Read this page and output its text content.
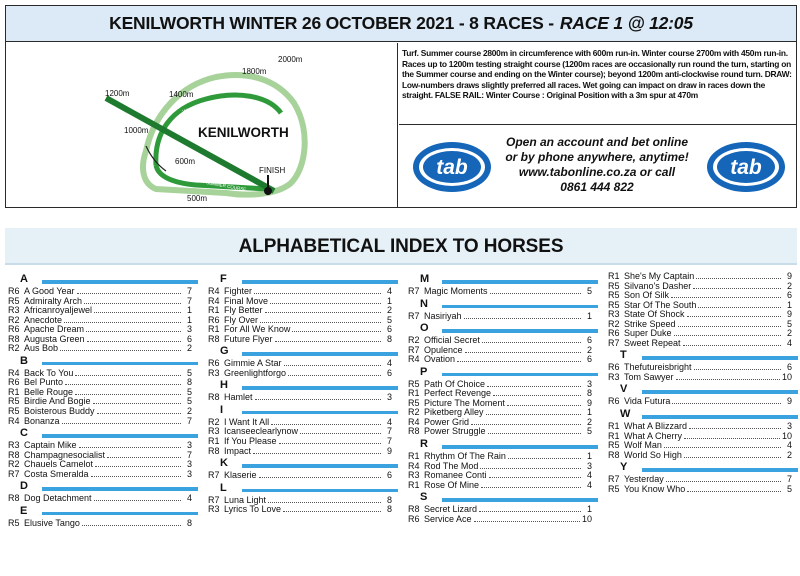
KENILWORTH WINTER 26 OCTOBER 2021 - 8 RACES - RACE 1 @ 12:05
KENILWORTH
FINISH
WINTER COURSE
SUMMER COURSE
2000m
1800m
1400m
1200m
1000m
600m
500m
Turf. Summer course 2800m in circumference with 600m run-in. Winter course 2700m with 450m run-in. Races up to 1200m testing straight course (1200m races are occasionally run round the turn, starting on the Summer course and ending on the Winter course); beyond 1200m anti-clockwise round turn. DRAW: Low-numbers draws slightly preferred all races. Wet going can impact on draw in races down the straight. FALSE RAIL: Winter Course : Original Position with a 3m spur at 470m
tab
Open an account and bet online
or by phone anywhere, anytime!
www.tabonline.co.za or call
0861 444 822
tab
ALPHABETICAL INDEX TO HORSES
A
R6 A Good Year	7
R5 Admiralty Arch	7
R3 Africanroyaljewel	1
R2 Anecdote	1
R6 Apache Dream	3
R8 Augusta Green	6
R2 Aus Bob	2
B
R4 Back To You	5
R6 Bel Punto	8
R1 Belle Rouge	5
R5 Birdie And Bogie	5
R5 Boisterous Buddy	2
R4 Bonanza	7
C
R3 Captain Mike	3
R8 Champagnesocialist	7
R2 Chauels Camelot	3
R7 Costa Smeralda	3
D
R8 Dog Detachment	4
E
R5 Elusive Tango	8
F
R4 Fighter	4
R4 Final Move	1
R1 Fly Better	2
R6 Fly Over	5
R1 For All We Know	6
R8 Future Flyer	8
G
R6 Gimmie A Star	4
R3 Greenlightforgo	6
H
R8 Hamlet	3
I
R2 I Want It All	4
R3 Icanseeclearlynow	7
R1 If You Please	7
R8 Impact	9
K
R7 Klaserie	6
L
R7 Luna Light	8
R3 Lyrics To Love	8
M
R7 Magic Moments	5
N
R7 Nasiriyah	1
O
R2 Official Secret	6
R7 Opulence	2
R4 Ovation	6
P
R5 Path Of Choice	3
R1 Perfect Revenge	8
R5 Picture The Moment	9
R2 Piketberg Alley	1
R4 Power Grid	2
R8 Power Struggle	5
R
R1 Rhythm Of The Rain	1
R4 Rod The Mod	3
R3 Romanee Conti	4
R1 Rose Of Mine	4
S
R8 Secret Lizard	1
R6 Service Ace	10
R1 She's My Captain	9
R5 Silvano's Dasher	2
R5 Son Of Silk	6
R5 Star Of The South	1
R3 State Of Shock	9
R2 Strike Speed	5
R6 Super Duke	2
R7 Sweet Repeat	4
T
R6 Thefutureisbright	6
R3 Tom Sawyer	10
V
R6 Vida Futura	9
W
R1 What A Blizzard	3
R1 What A Cherry	10
R5 Wolf Man	4
R8 World So High	2
Y
R7 Yesterday	7
R5 You Know Who	5
